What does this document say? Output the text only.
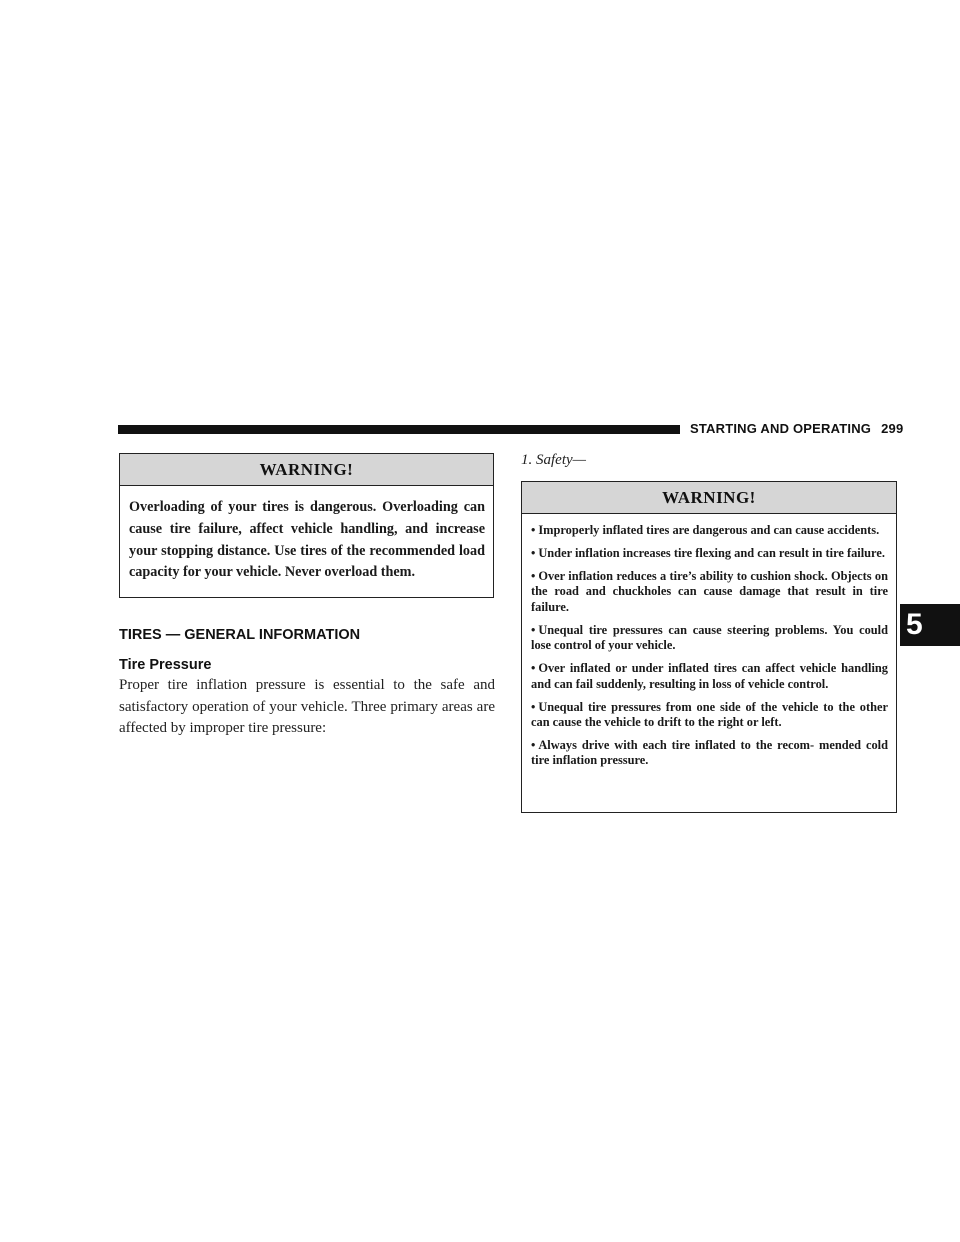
STARTING AND OPERATING 299
5
WARNING!
Overloading of your tires is dangerous. Overloading can cause tire failure, affect vehicle handling, and increase your stopping distance. Use tires of the recommended load capacity for your vehicle. Never overload them.
TIRES — GENERAL INFORMATION
Tire Pressure
Proper tire inflation pressure is essential to the safe and satisfactory operation of your vehicle. Three primary areas are affected by improper tire pressure:
1. Safety—
WARNING!
• Improperly inflated tires are dangerous and can cause accidents.
• Under inflation increases tire flexing and can result in tire failure.
• Over inflation reduces a tire’s ability to cushion shock. Objects on the road and chuckholes can cause damage that result in tire failure.
• Unequal tire pressures can cause steering problems. You could lose control of your vehicle.
• Over inflated or under inflated tires can affect vehicle handling and can fail suddenly, resulting in loss of vehicle control.
• Unequal tire pressures from one side of the vehicle to the other can cause the vehicle to drift to the right or left.
• Always drive with each tire inflated to the recom- mended cold tire inflation pressure.
